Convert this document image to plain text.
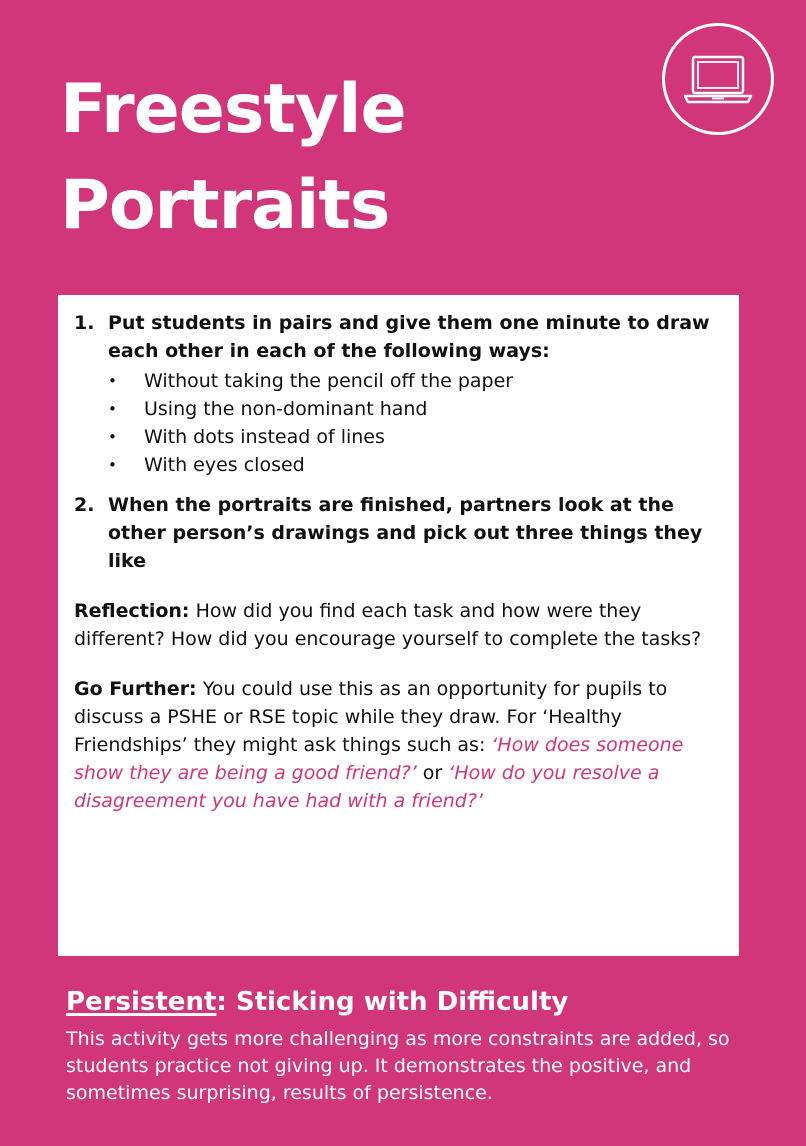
Freestyle
Portraits

1. Put students in pairs and give them one minute to draw each other in each of the following ways:

• Without taking the pencil off the paper
• Using the non-dominant hand
• With dots instead of lines
• With eyes closed

2. When the portraits are finished, partners look at the other person’s drawings and pick out three things they like

Reflection: How did you find each task and how were they different? How did you encourage yourself to complete the tasks?

Go Further: You could use this as an opportunity for pupils to discuss a PSHE or RSE topic while they draw. For ‘Healthy Friendships’ they might ask things such as: ‘How does someone show they are being a good friend?’ or ‘How do you resolve a disagreement you have had with a friend?’

Persistent: Sticking with Difficulty

This activity gets more challenging as more constraints are added, so students practice not giving up. It demonstrates the positive, and sometimes surprising, results of persistence.
